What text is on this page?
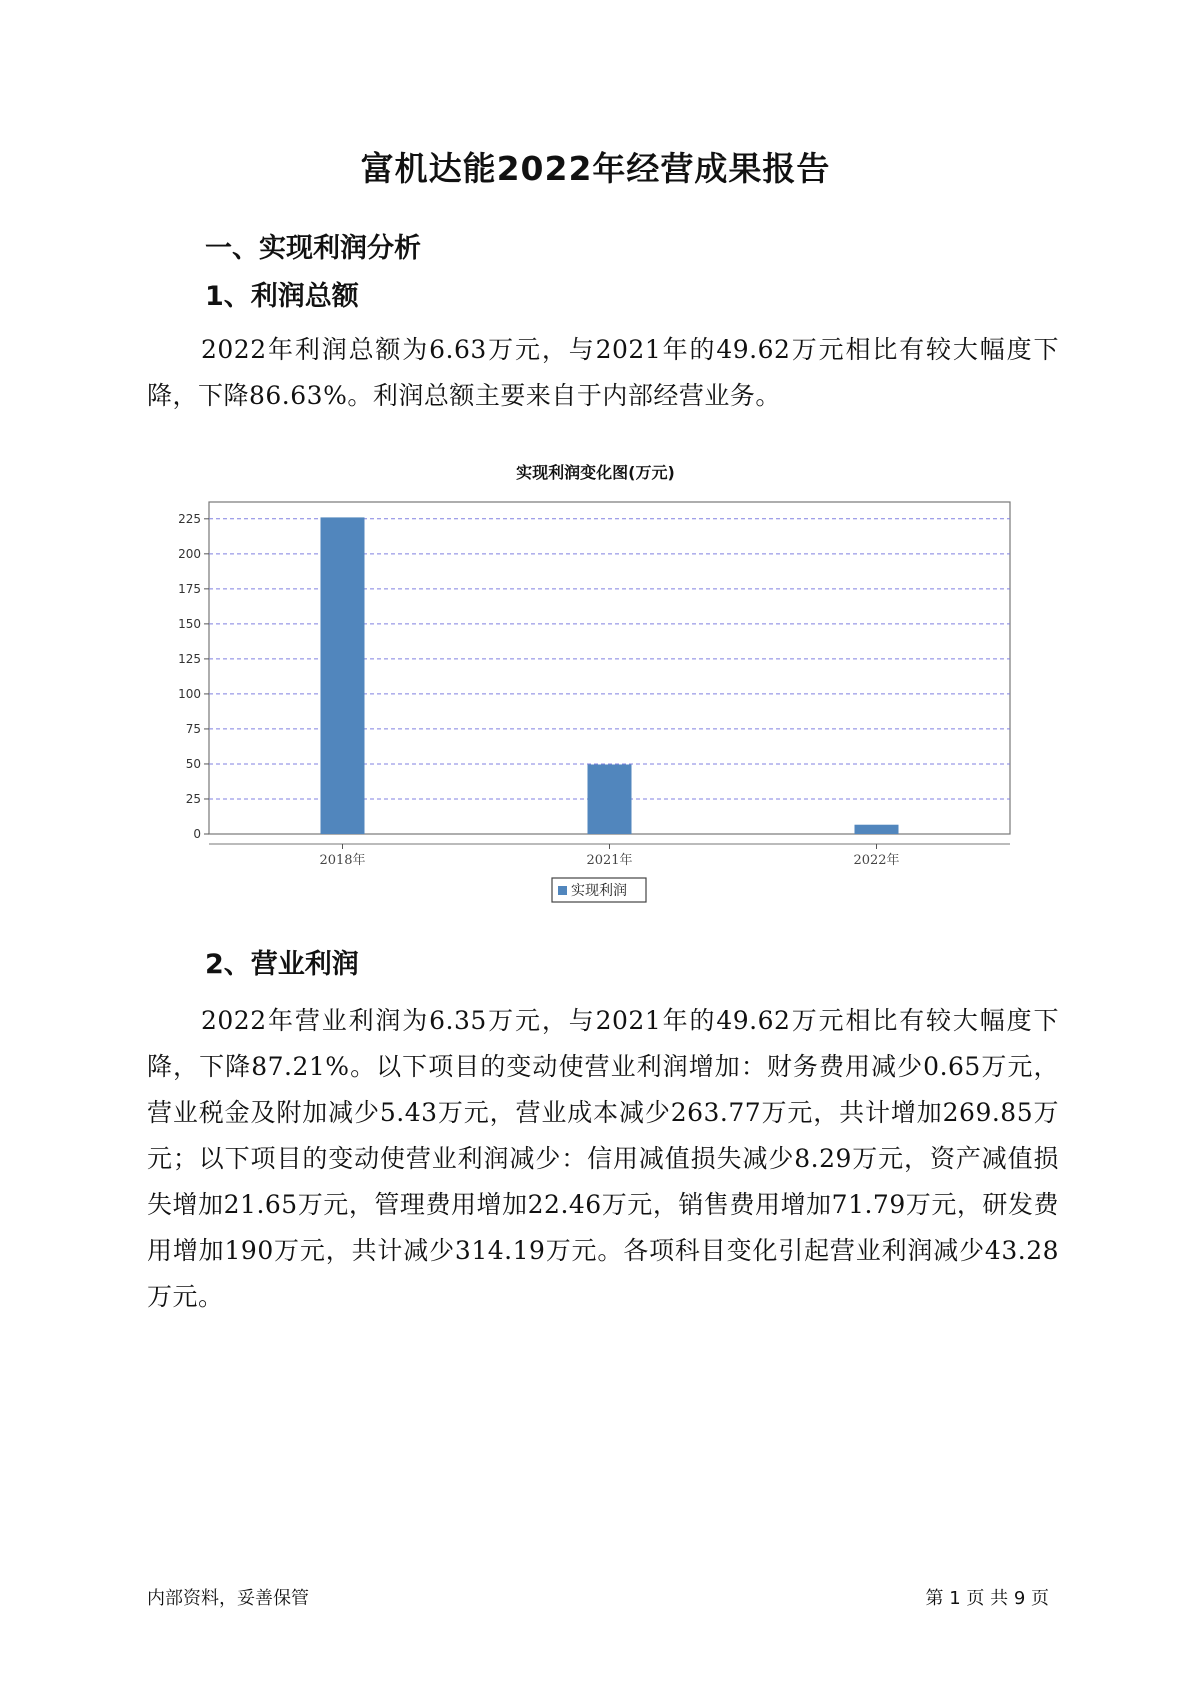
富机达能2022年经营成果报告
一、实现利润分析
1、利润总额

2022年利润总额为6.63万元，与2021年的49.62万元相比有较大幅度下降，下降86.63%。利润总额主要来自于内部经营业务。

实现利润变化图(万元)
0
25
50
75
100
125
150
175
200
225
2018年	2021年	2022年
实现利润
2、营业利润

2022年营业利润为6.35万元，与2021年的49.62万元相比有较大幅度下降，下降87.21%。以下项目的变动使营业利润增加：财务费用减少0.65万元，营业税金及附加减少5.43万元，营业成本减少263.77万元，共计增加269.85万元；以下项目的变动使营业利润减少：信用减值损失减少8.29万元，资产减值损失增加21.65万元，管理费用增加22.46万元，销售费用增加71.79万元，研发费用增加190万元，共计减少314.19万元。各项科目变化引起营业利润减少43.28万元。

内部资料，妥善保管	第 1 页 共 9 页
